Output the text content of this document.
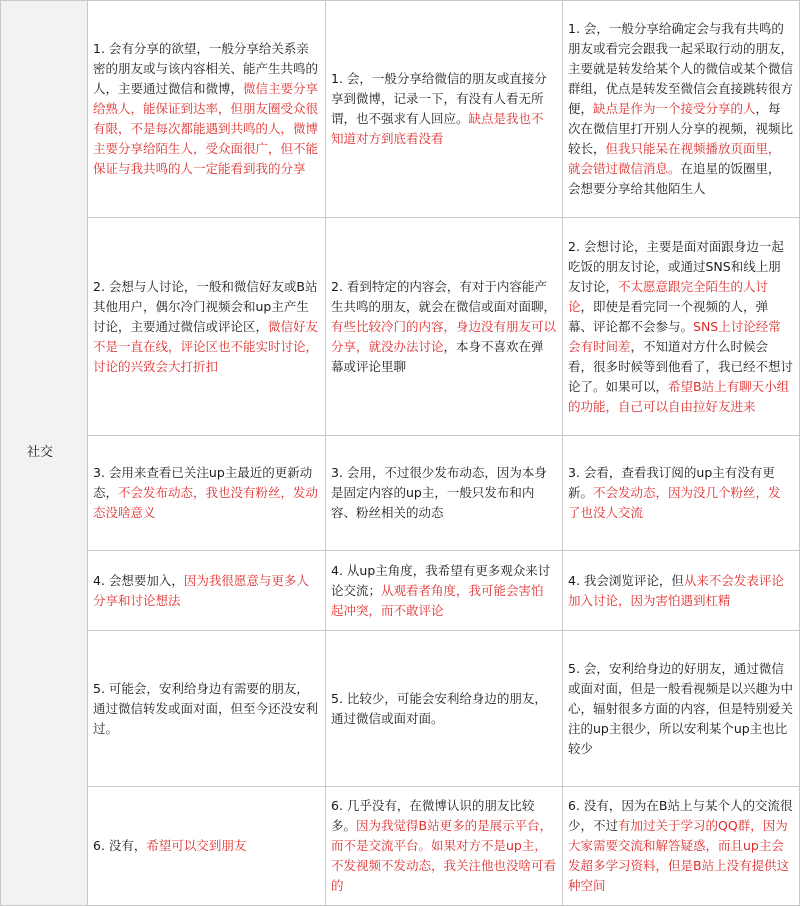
社交	1. 会有分享的欲望，一般分享给关系亲密的朋友或与该内容相关、能产生共鸣的人，主要通过微信和微博，微信主要分享给熟人，能保证到达率，但朋友圈受众很有限，不是每次都能遇到共鸣的人，微博主要分享给陌生人，受众面很广，但不能保证与我共鸣的人一定能看到我的分享	1. 会，一般分享给微信的朋友或直接分享到微博，记录一下，有没有人看无所谓，也不强求有人回应。缺点是我也不知道对方到底看没看	1. 会，一般分享给确定会与我有共鸣的朋友或看完会跟我一起采取行动的朋友，主要就是转发给某个人的微信或某个微信群组，优点是转发至微信会直接跳转很方便，缺点是作为一个接受分享的人，每次在微信里打开别人分享的视频，视频比较长，但我只能呆在视频播放页面里，就会错过微信消息。在追星的饭圈里，会想要分享给其他陌生人
	2. 会想与人讨论，一般和微信好友或B站其他用户，偶尔冷门视频会和up主产生讨论，主要通过微信或评论区，微信好友不是一直在线，评论区也不能实时讨论，讨论的兴致会大打折扣	2. 看到特定的内容会，有对于内容能产生共鸣的朋友，就会在微信或面对面聊，有些比较冷门的内容，身边没有朋友可以分享，就没办法讨论，本身不喜欢在弹幕或评论里聊	2. 会想讨论，主要是面对面跟身边一起吃饭的朋友讨论，或通过SNS和线上朋友讨论，不太愿意跟完全陌生的人讨论，即使是看完同一个视频的人，弹幕、评论都不会参与。SNS上讨论经常会有时间差，不知道对方什么时候会看，很多时候等到他看了，我已经不想讨论了。如果可以，希望B站上有聊天小组的功能，自己可以自由拉好友进来
	3. 会用来查看已关注up主最近的更新动态，不会发布动态，我也没有粉丝，发动态没啥意义	3. 会用，不过很少发布动态，因为本身是固定内容的up主，一般只发布和内容、粉丝相关的动态	3. 会看，查看我订阅的up主有没有更新。不会发动态，因为没几个粉丝，发了也没人交流
	4. 会想要加入，因为我很愿意与更多人分享和讨论想法	4. 从up主角度，我希望有更多观众来讨论交流；从观看者角度，我可能会害怕起冲突，而不敢评论	4. 我会浏览评论，但从来不会发表评论加入讨论，因为害怕遇到杠精
	5. 可能会，安利给身边有需要的朋友，通过微信转发或面对面，但至今还没安利过。	5. 比较少，可能会安利给身边的朋友，通过微信或面对面。	5. 会，安利给身边的好朋友，通过微信或面对面，但是一般看视频是以兴趣为中心，辐射很多方面的内容，但是特别爱关注的up主很少，所以安利某个up主也比较少
	6. 没有，希望可以交到朋友	6. 几乎没有，在微博认识的朋友比较多。因为我觉得B站更多的是展示平台，而不是交流平台。如果对方不是up主，不发视频不发动态，我关注他也没啥可看的	6. 没有，因为在B站上与某个人的交流很少，不过有加过关于学习的QQ群，因为大家需要交流和解答疑惑，而且up主会发超多学习资料，但是B站上没有提供这种空间
